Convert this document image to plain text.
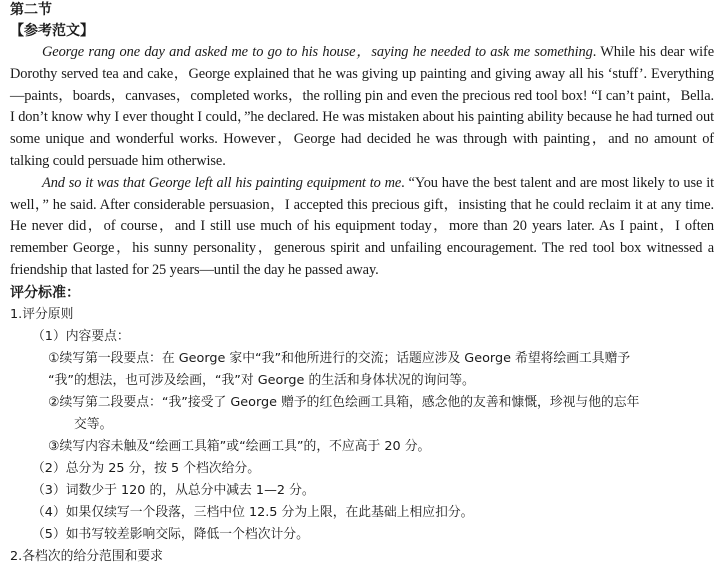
第二节
【参考范文】

George rang one day and asked me to go to his house，saying he needed to ask me something. While his dear wife Dorothy served tea and cake，George explained that he was giving up painting and giving away all his ‘stuff’. Everything—paints，boards，canvases，completed works，the rolling pin and even the precious red tool box! “I can’t paint，Bella. I don’t know why I ever thought I could，”he declared. He was mistaken about his painting ability because he had turned out some unique and wonderful works. However，George had decided he was through with painting，and no amount of talking could persuade him otherwise.

And so it was that George left all his painting equipment to me. “You have the best talent and are most likely to use it well，” he said. After considerable persuasion，I accepted this precious gift，insisting that he could reclaim it at any time. He never did，of course，and I still use much of his equipment today，more than 20 years later. As I paint，I often remember George，his sunny personality，generous spirit and unfailing encouragement. The red tool box witnessed a friendship that lasted for 25 years—until the day he passed away.

评分标准：

1.评分原则

（1）内容要点：

①续写第一段要点：在 George 家中“我”和他所进行的交流；话题应涉及 George 希望将绘画工具赠予

“我”的想法，也可涉及绘画，“我”对 George 的生活和身体状况的询问等。

②续写第二段要点：“我”接受了 George 赠予的红色绘画工具箱，感念他的友善和慷慨，珍视与他的忘年

交等。

③续写内容未触及“绘画工具箱”或“绘画工具”的，不应高于 20 分。

（2）总分为 25 分，按 5 个档次给分。

（3）词数少于 120 的，从总分中减去 1—2 分。

（4）如果仅续写一个段落，三档中位 12.5 分为上限，在此基础上相应扣分。

（5）如书写较差影响交际，降低一个档次计分。

2.各档次的给分范围和要求
